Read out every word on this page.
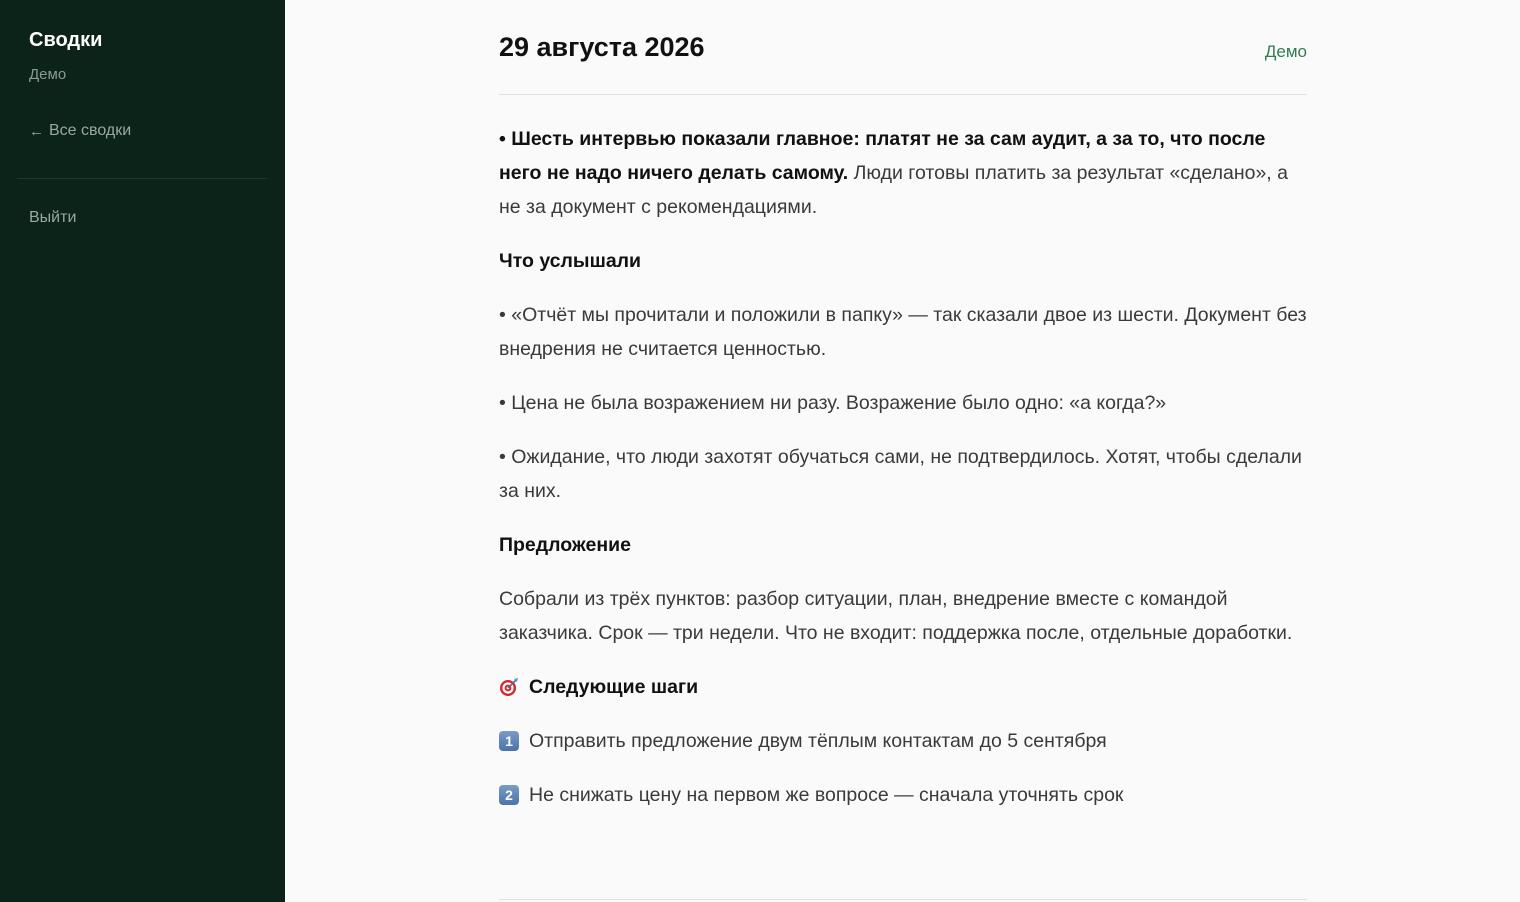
Сводки
Демо
← Все сводки
Выйти
29 августа 2026	Демо

• Шесть интервью показали главное: платят не за сам аудит, а за то, что после него не надо ничего делать самому. Люди готовы платить за результат «сделано», а не за документ с рекомендациями.

Что услышали

• «Отчёт мы прочитали и положили в папку» — так сказали двое из шести. Документ без внедрения не считается ценностью.

• Цена не была возражением ни разу. Возражение было одно: «а когда?»

• Ожидание, что люди захотят обучаться сами, не подтвердилось. Хотят, чтобы сделали за них.

Предложение

Собрали из трёх пунктов: разбор ситуации, план, внедрение вместе с командой заказчика. Срок — три недели. Что не входит: поддержка после, отдельные доработки.

Следующие шаги

1 Отправить предложение двум тёплым контактам до 5 сентября

2 Не снижать цену на первом же вопросе — сначала уточнять срок
